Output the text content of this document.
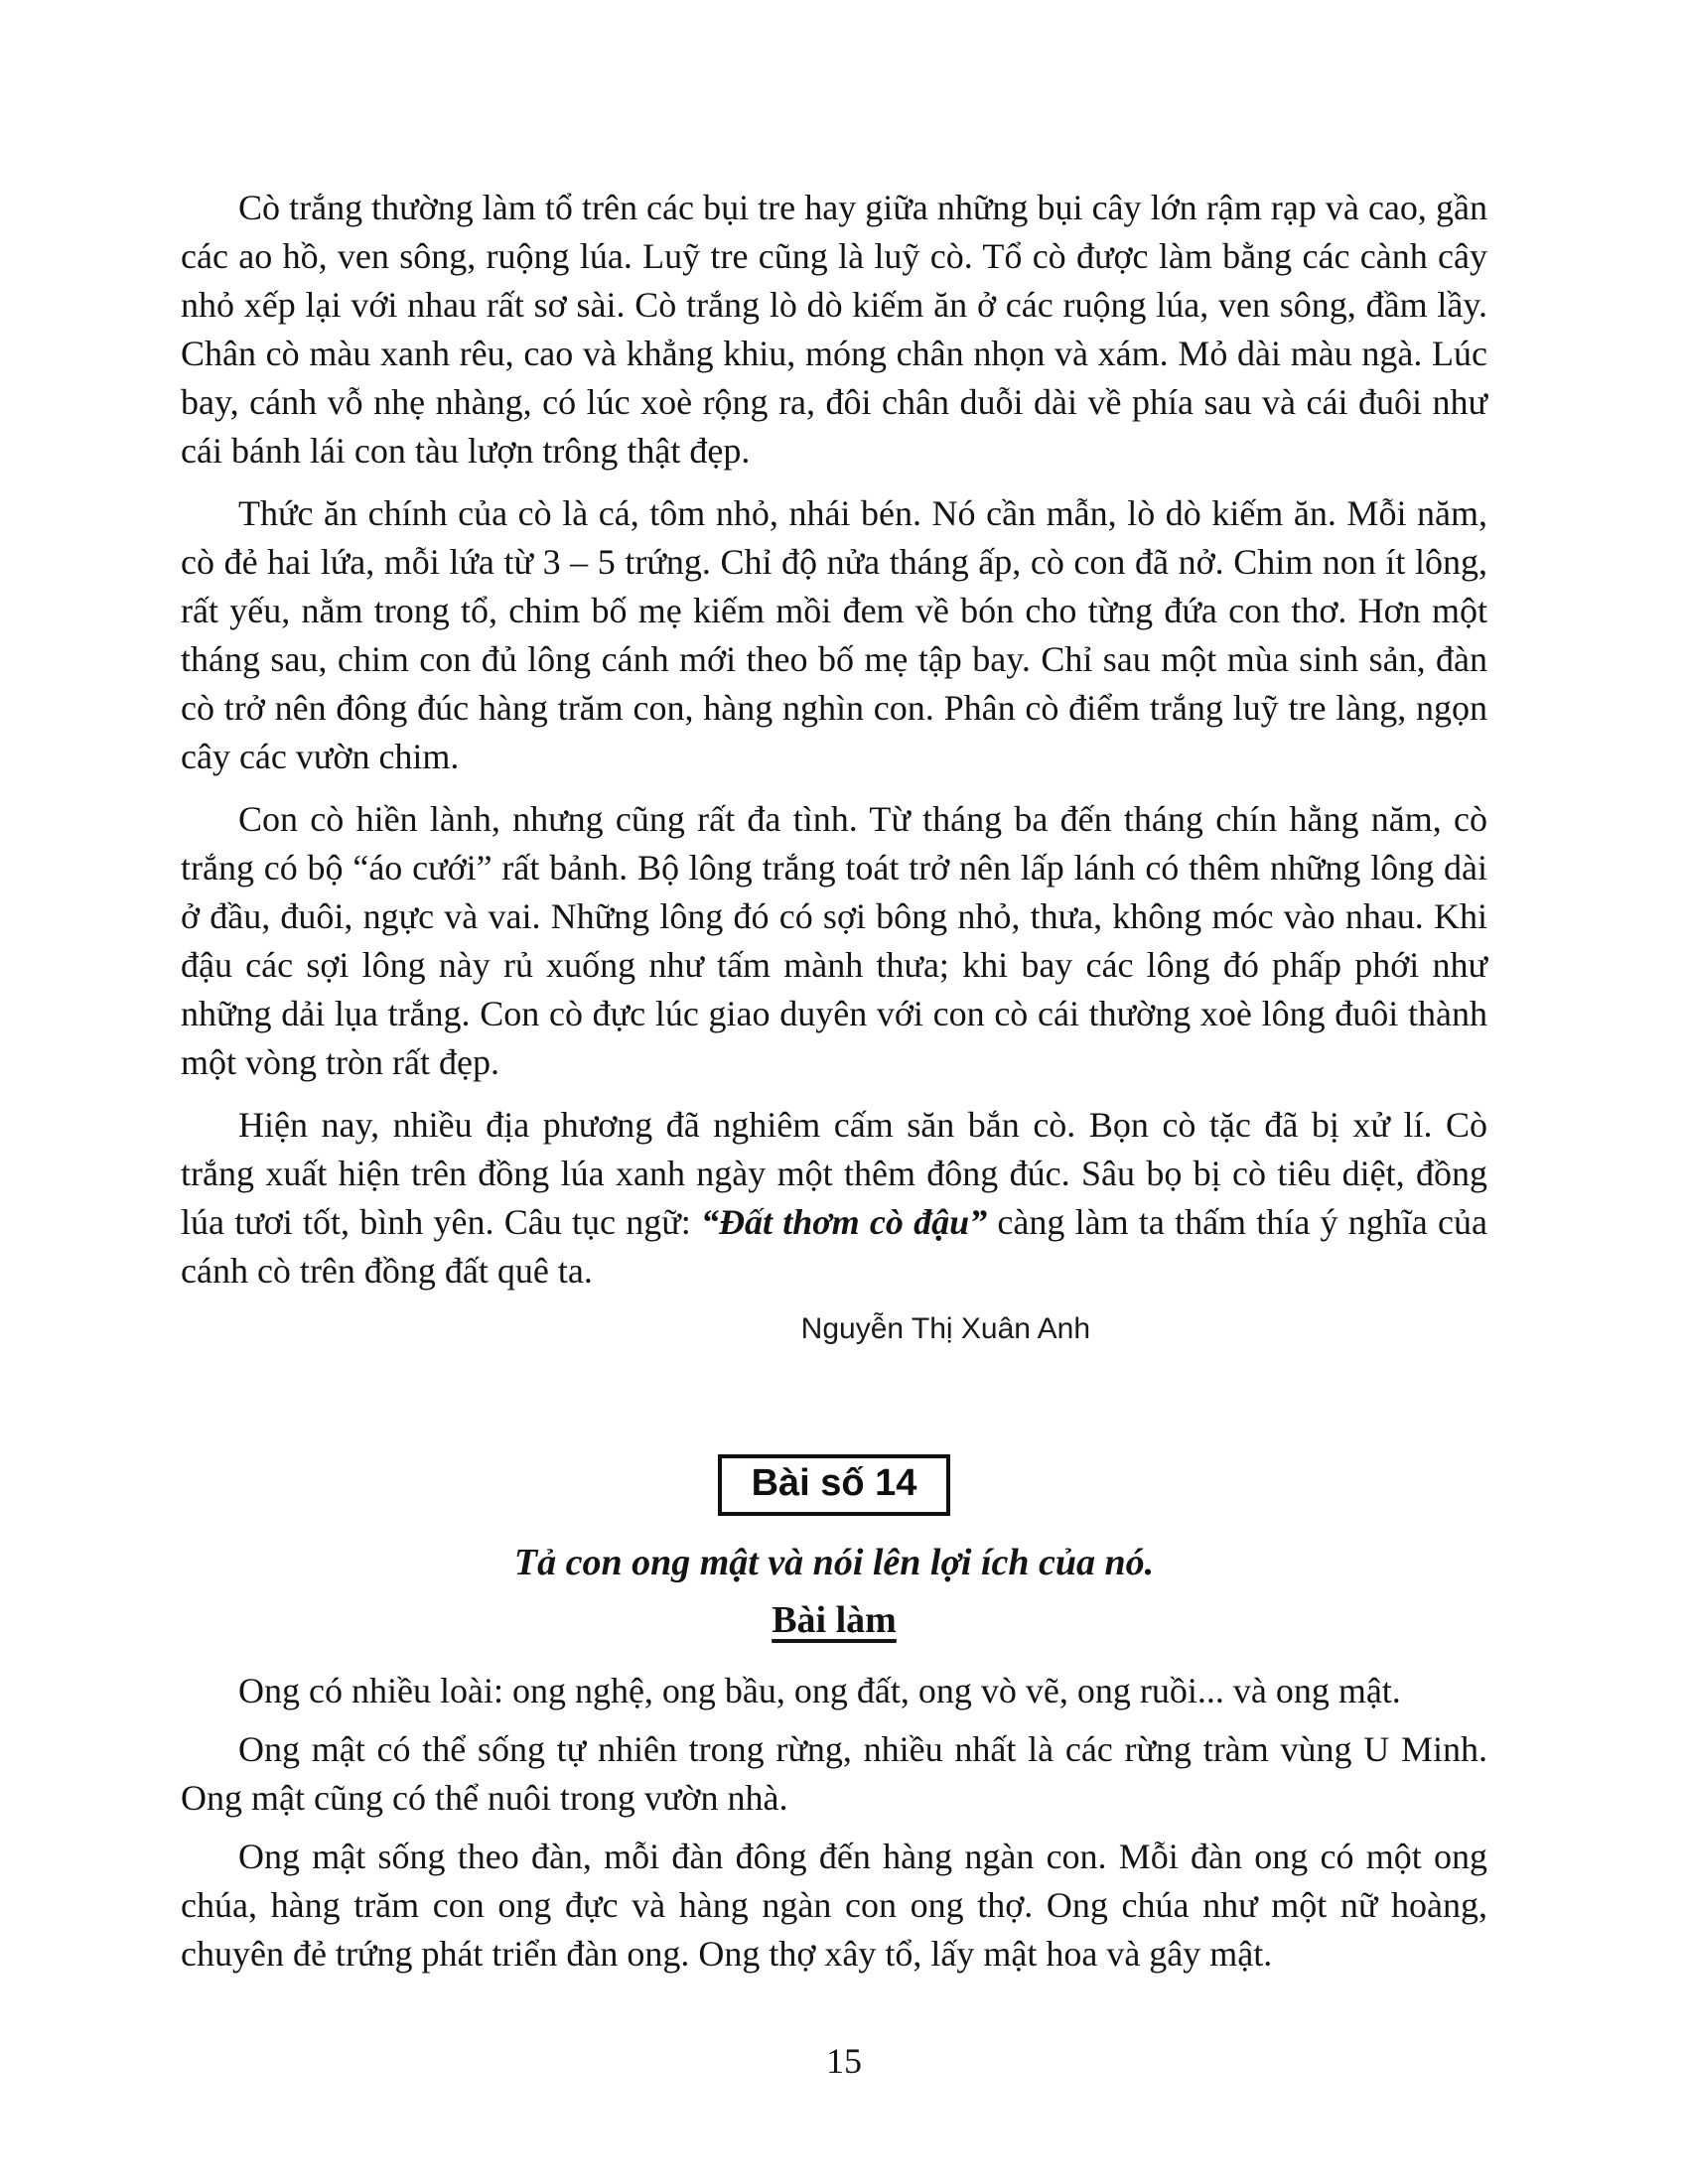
Cò trắng thường làm tổ trên các bụi tre hay giữa những bụi cây lớn rậm rạp và cao, gần các ao hồ, ven sông, ruộng lúa. Luỹ tre cũng là luỹ cò. Tổ cò được làm bằng các cành cây nhỏ xếp lại với nhau rất sơ sài. Cò trắng lò dò kiếm ăn ở các ruộng lúa, ven sông, đầm lầy. Chân cò màu xanh rêu, cao và khẳng khiu, móng chân nhọn và xám. Mỏ dài màu ngà. Lúc bay, cánh vỗ nhẹ nhàng, có lúc xoè rộng ra, đôi chân duỗi dài về phía sau và cái đuôi như cái bánh lái con tàu lượn trông thật đẹp.

Thức ăn chính của cò là cá, tôm nhỏ, nhái bén. Nó cần mẫn, lò dò kiếm ăn. Mỗi năm, cò đẻ hai lứa, mỗi lứa từ 3 – 5 trứng. Chỉ độ nửa tháng ấp, cò con đã nở. Chim non ít lông, rất yếu, nằm trong tổ, chim bố mẹ kiếm mồi đem về bón cho từng đứa con thơ. Hơn một tháng sau, chim con đủ lông cánh mới theo bố mẹ tập bay. Chỉ sau một mùa sinh sản, đàn cò trở nên đông đúc hàng trăm con, hàng nghìn con. Phân cò điểm trắng luỹ tre làng, ngọn cây các vườn chim.

Con cò hiền lành, nhưng cũng rất đa tình. Từ tháng ba đến tháng chín hằng năm, cò trắng có bộ “áo cưới” rất bảnh. Bộ lông trắng toát trở nên lấp lánh có thêm những lông dài ở đầu, đuôi, ngực và vai. Những lông đó có sợi bông nhỏ, thưa, không móc vào nhau. Khi đậu các sợi lông này rủ xuống như tấm mành thưa; khi bay các lông đó phấp phới như những dải lụa trắng. Con cò đực lúc giao duyên với con cò cái thường xoè lông đuôi thành một vòng tròn rất đẹp.

Hiện nay, nhiều địa phương đã nghiêm cấm săn bắn cò. Bọn cò tặc đã bị xử lí. Cò trắng xuất hiện trên đồng lúa xanh ngày một thêm đông đúc. Sâu bọ bị cò tiêu diệt, đồng lúa tươi tốt, bình yên. Câu tục ngữ: “Đất thơm cò đậu” càng làm ta thấm thía ý nghĩa của cánh cò trên đồng đất quê ta.

Nguyễn Thị Xuân Anh
Bài số 14
Tả con ong mật và nói lên lợi ích của nó.
Bài làm

Ong có nhiều loài: ong nghệ, ong bầu, ong đất, ong vò vẽ, ong ruồi... và ong mật.

Ong mật có thể sống tự nhiên trong rừng, nhiều nhất là các rừng tràm vùng U Minh. Ong mật cũng có thể nuôi trong vườn nhà.

Ong mật sống theo đàn, mỗi đàn đông đến hàng ngàn con. Mỗi đàn ong có một ong chúa, hàng trăm con ong đực và hàng ngàn con ong thợ. Ong chúa như một nữ hoàng, chuyên đẻ trứng phát triển đàn ong. Ong thợ xây tổ, lấy mật hoa và gây mật.

15
